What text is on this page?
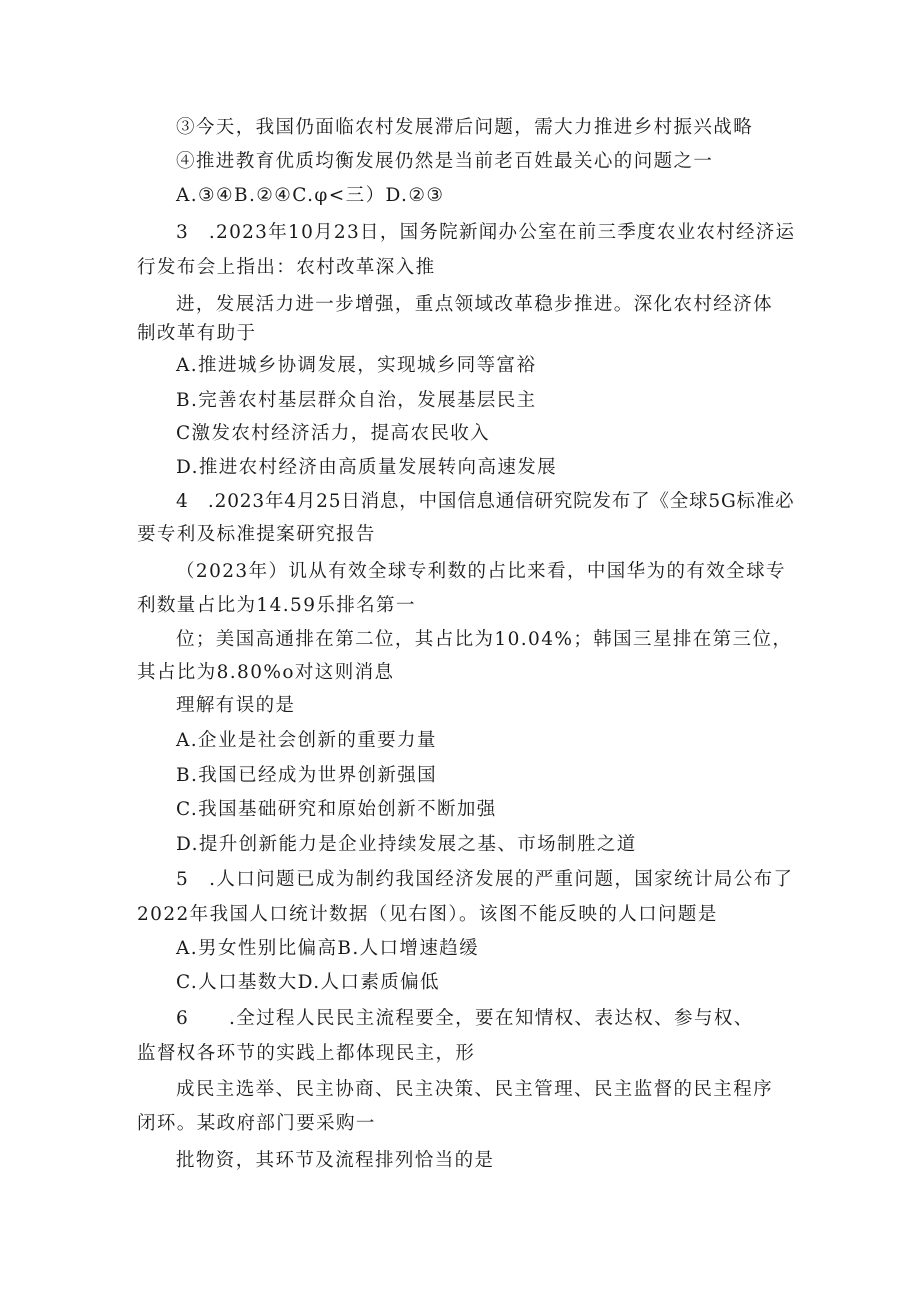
③今天，我国仍面临农村发展滞后问题，需大力推进乡村振兴战略
④推进教育优质均衡发展仍然是当前老百姓最关心的问题之一
A.③④B.②④C.φ<三）D.②③
3　.2023年10月23日，国务院新闻办公室在前三季度农业农村经济运
行发布会上指出：农村改革深入推
进，发展活力进一步增强，重点领域改革稳步推进。深化农村经济体
制改革有助于
A.推进城乡协调发展，实现城乡同等富裕
B.完善农村基层群众自治，发展基层民主
C激发农村经济活力，提高农民收入
D.推进农村经济由高质量发展转向高速发展
4　.2023年4月25日消息，中国信息通信研究院发布了《全球5G标准必
要专利及标准提案研究报告
（2023年）讥从有效全球专利数的占比来看，中国华为的有效全球专
利数量占比为14.59乐排名第一
位；美国高通排在第二位，其占比为10.04%；韩国三星排在第三位，
其占比为8.80%o对这则消息
理解有误的是
A.企业是社会创新的重要力量
B.我国已经成为世界创新强国
C.我国基础研究和原始创新不断加强
D.提升创新能力是企业持续发展之基、市场制胜之道
5　.人口问题已成为制约我国经济发展的严重问题，国家统计局公布了
2022年我国人口统计数据（见右图）。该图不能反映的人口问题是
A.男女性别比偏高B.人口增速趋缓
C.人口基数大D.人口素质偏低
6　　.全过程人民民主流程要全，要在知情权、表达权、参与权、
监督权各环节的实践上都体现民主，形
成民主选举、民主协商、民主决策、民主管理、民主监督的民主程序
闭环。某政府部门要采购一
批物资，其环节及流程排列恰当的是
